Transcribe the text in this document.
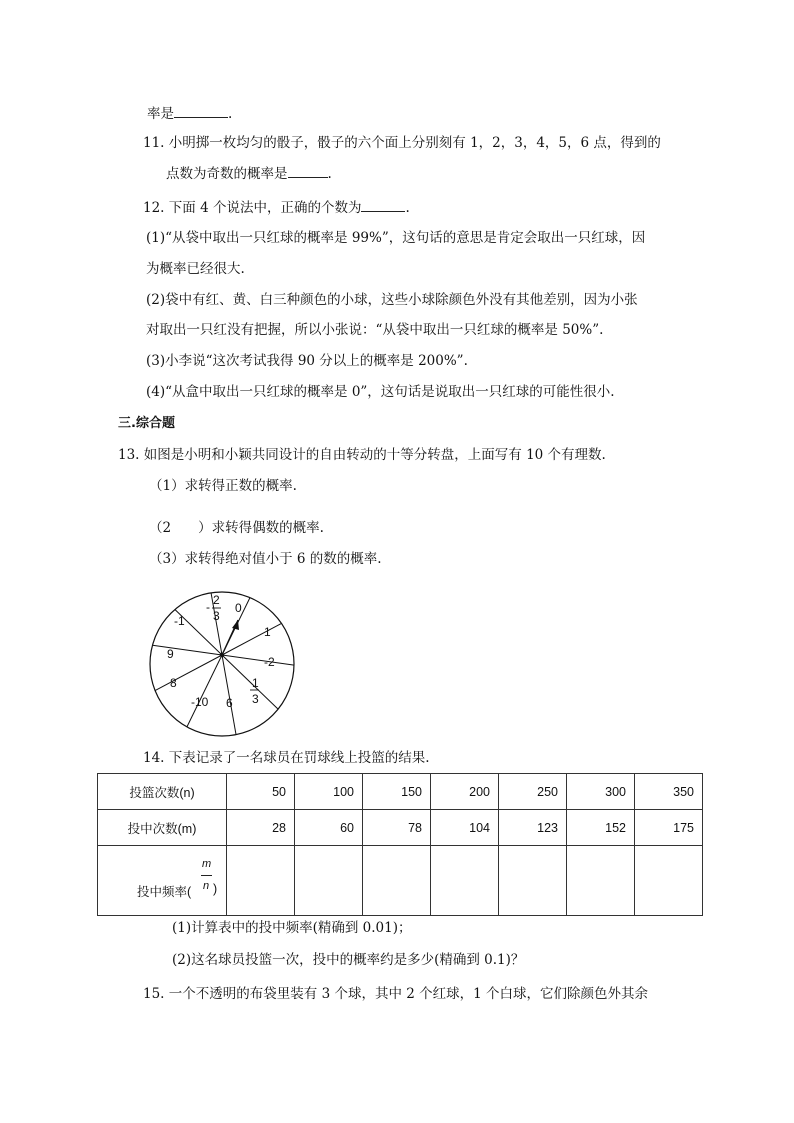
率是	.
11. 小明掷一枚均匀的骰子，骰子的六个面上分别刻有 1，2，3，4，5，6 点，得到的
点数为奇数的概率是	.
12. 下面 4 个说法中，正确的个数为	.
(1)“从袋中取出一只红球的概率是 99%”，这句话的意思是肯定会取出一只红球，因
为概率已经很大.
(2)袋中有红、黄、白三种颜色的小球，这些小球除颜色外没有其他差别，因为小张
对取出一只红没有把握，所以小张说：“从袋中取出一只红球的概率是 50%”.
(3)小李说“这次考试我得 90 分以上的概率是 200%”.
(4)“从盒中取出一只红球的概率是 0”，这句话是说取出一只红球的可能性很小.
三.综合题
13. 如图是小明和小颖共同设计的自由转动的十等分转盘，上面写有 10 个有理数.
（1）求转得正数的概率.
（2　　）求转得偶数的概率.
（3）求转得绝对值小于 6 的数的概率.
- 2
3
0
1
-2
1
3
6
-10
8
9
-1
14. 下表记录了一名球员在罚球线上投篮的结果.
投篮次数(n)	50	100	150	200	250	300	350
投中次数(m)	28	60	78	104	123	152	175

投中频率(
m
n )							

(1)计算表中的投中频率(精确到 0.01)；
(2)这名球员投篮一次，投中的概率约是多少(精确到 0.1)？
15. 一个不透明的布袋里装有 3 个球，其中 2 个红球，1 个白球，它们除颜色外其余
